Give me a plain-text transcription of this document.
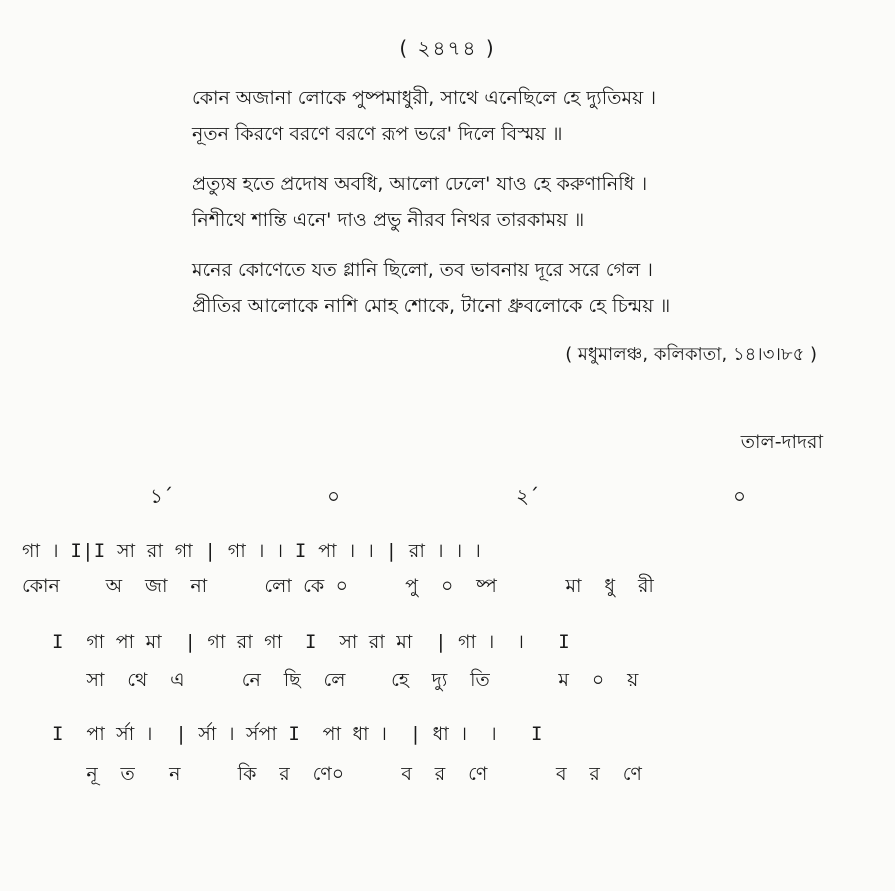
( ২৪৭৪ )
কোন অজানা লোকে পুষ্পমাধুরী, সাথে এনেছিলে হে দ্যুতিময় ।
নূতন কিরণে বরণে বরণে রূপ ভরে' দিলে বিস্ময় ॥
প্রত্যুষ হতে প্রদোষ অবধি, আলো ঢেলে' যাও হে করুণানিধি ।
নিশীথে শান্তি এনে' দাও প্রভু নীরব নিথর তারকাময় ॥
মনের কোণেতে যত গ্লানি ছিলো, তব ভাবনায় দূরে সরে গেল ।
প্রীতির আলোকে নাশি মোহ শোকে, টানো ধ্রুবলোকে হে চিন্ময় ॥
( মধুমালঞ্চ, কলিকাতা, ১৪।৩।৮৫ )
তাল-দাদরা
১´	০	২´	০
গা । I|I সা রা গা | গা । । I পা । । | রা । । ।
কোন    অ  জা  না     লো কে ০     পু  ০  ষ্প      মা  ধু  রী
I  গা পা মা  | গা রা গা  I  সা রা মা  | গা ।  ।   I
সা  থে  এ     নে  ছি  লে    হে  দ্যু  তি      ম  ০  য়
I  পা র্সা ।  | র্সা । র্সপা I  পা ধা ।  | ধা ।  ।   I
নূ  ত   ন     কি  র  ণে০     ব  র  ণে      ব  র  ণে
